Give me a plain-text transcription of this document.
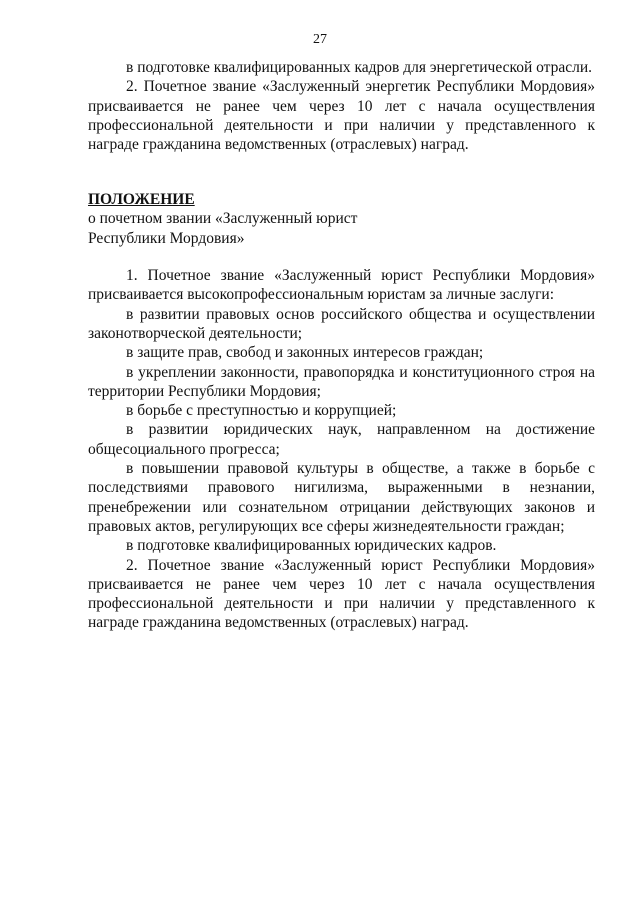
27

в подготовке квалифицированных кадров для энергетической отрасли.

2. Почетное звание «Заслуженный энергетик Республики Мордовия» присваивается не ранее чем через 10 лет с начала осуществления профессиональной деятельности и при наличии у представленного к награде гражданина ведомственных (отраслевых) наград.

ПОЛОЖЕНИЕ

о почетном звании «Заслуженный юрист

Республики Мордовия»

1. Почетное звание «Заслуженный юрист Республики Мордовия» присваивается высокопрофессиональным юристам за личные заслуги:

в развитии правовых основ российского общества и осуществлении законотворческой деятельности;

в защите прав, свобод и законных интересов граждан;

в укреплении законности, правопорядка и конституционного строя на территории Республики Мордовия;

в борьбе с преступностью и коррупцией;

в развитии юридических наук, направленном на достижение общесоциального прогресса;

в повышении правовой культуры в обществе, а также в борьбе с последствиями правового нигилизма, выраженными в незнании, пренебрежении или сознательном отрицании действующих законов и правовых актов, регулирующих все сферы жизнедеятельности граждан;

в подготовке квалифицированных юридических кадров.

2. Почетное звание «Заслуженный юрист Республики Мордовия» присваивается не ранее чем через 10 лет с начала осуществления профессиональной деятельности и при наличии у представленного к награде гражданина ведомственных (отраслевых) наград.
